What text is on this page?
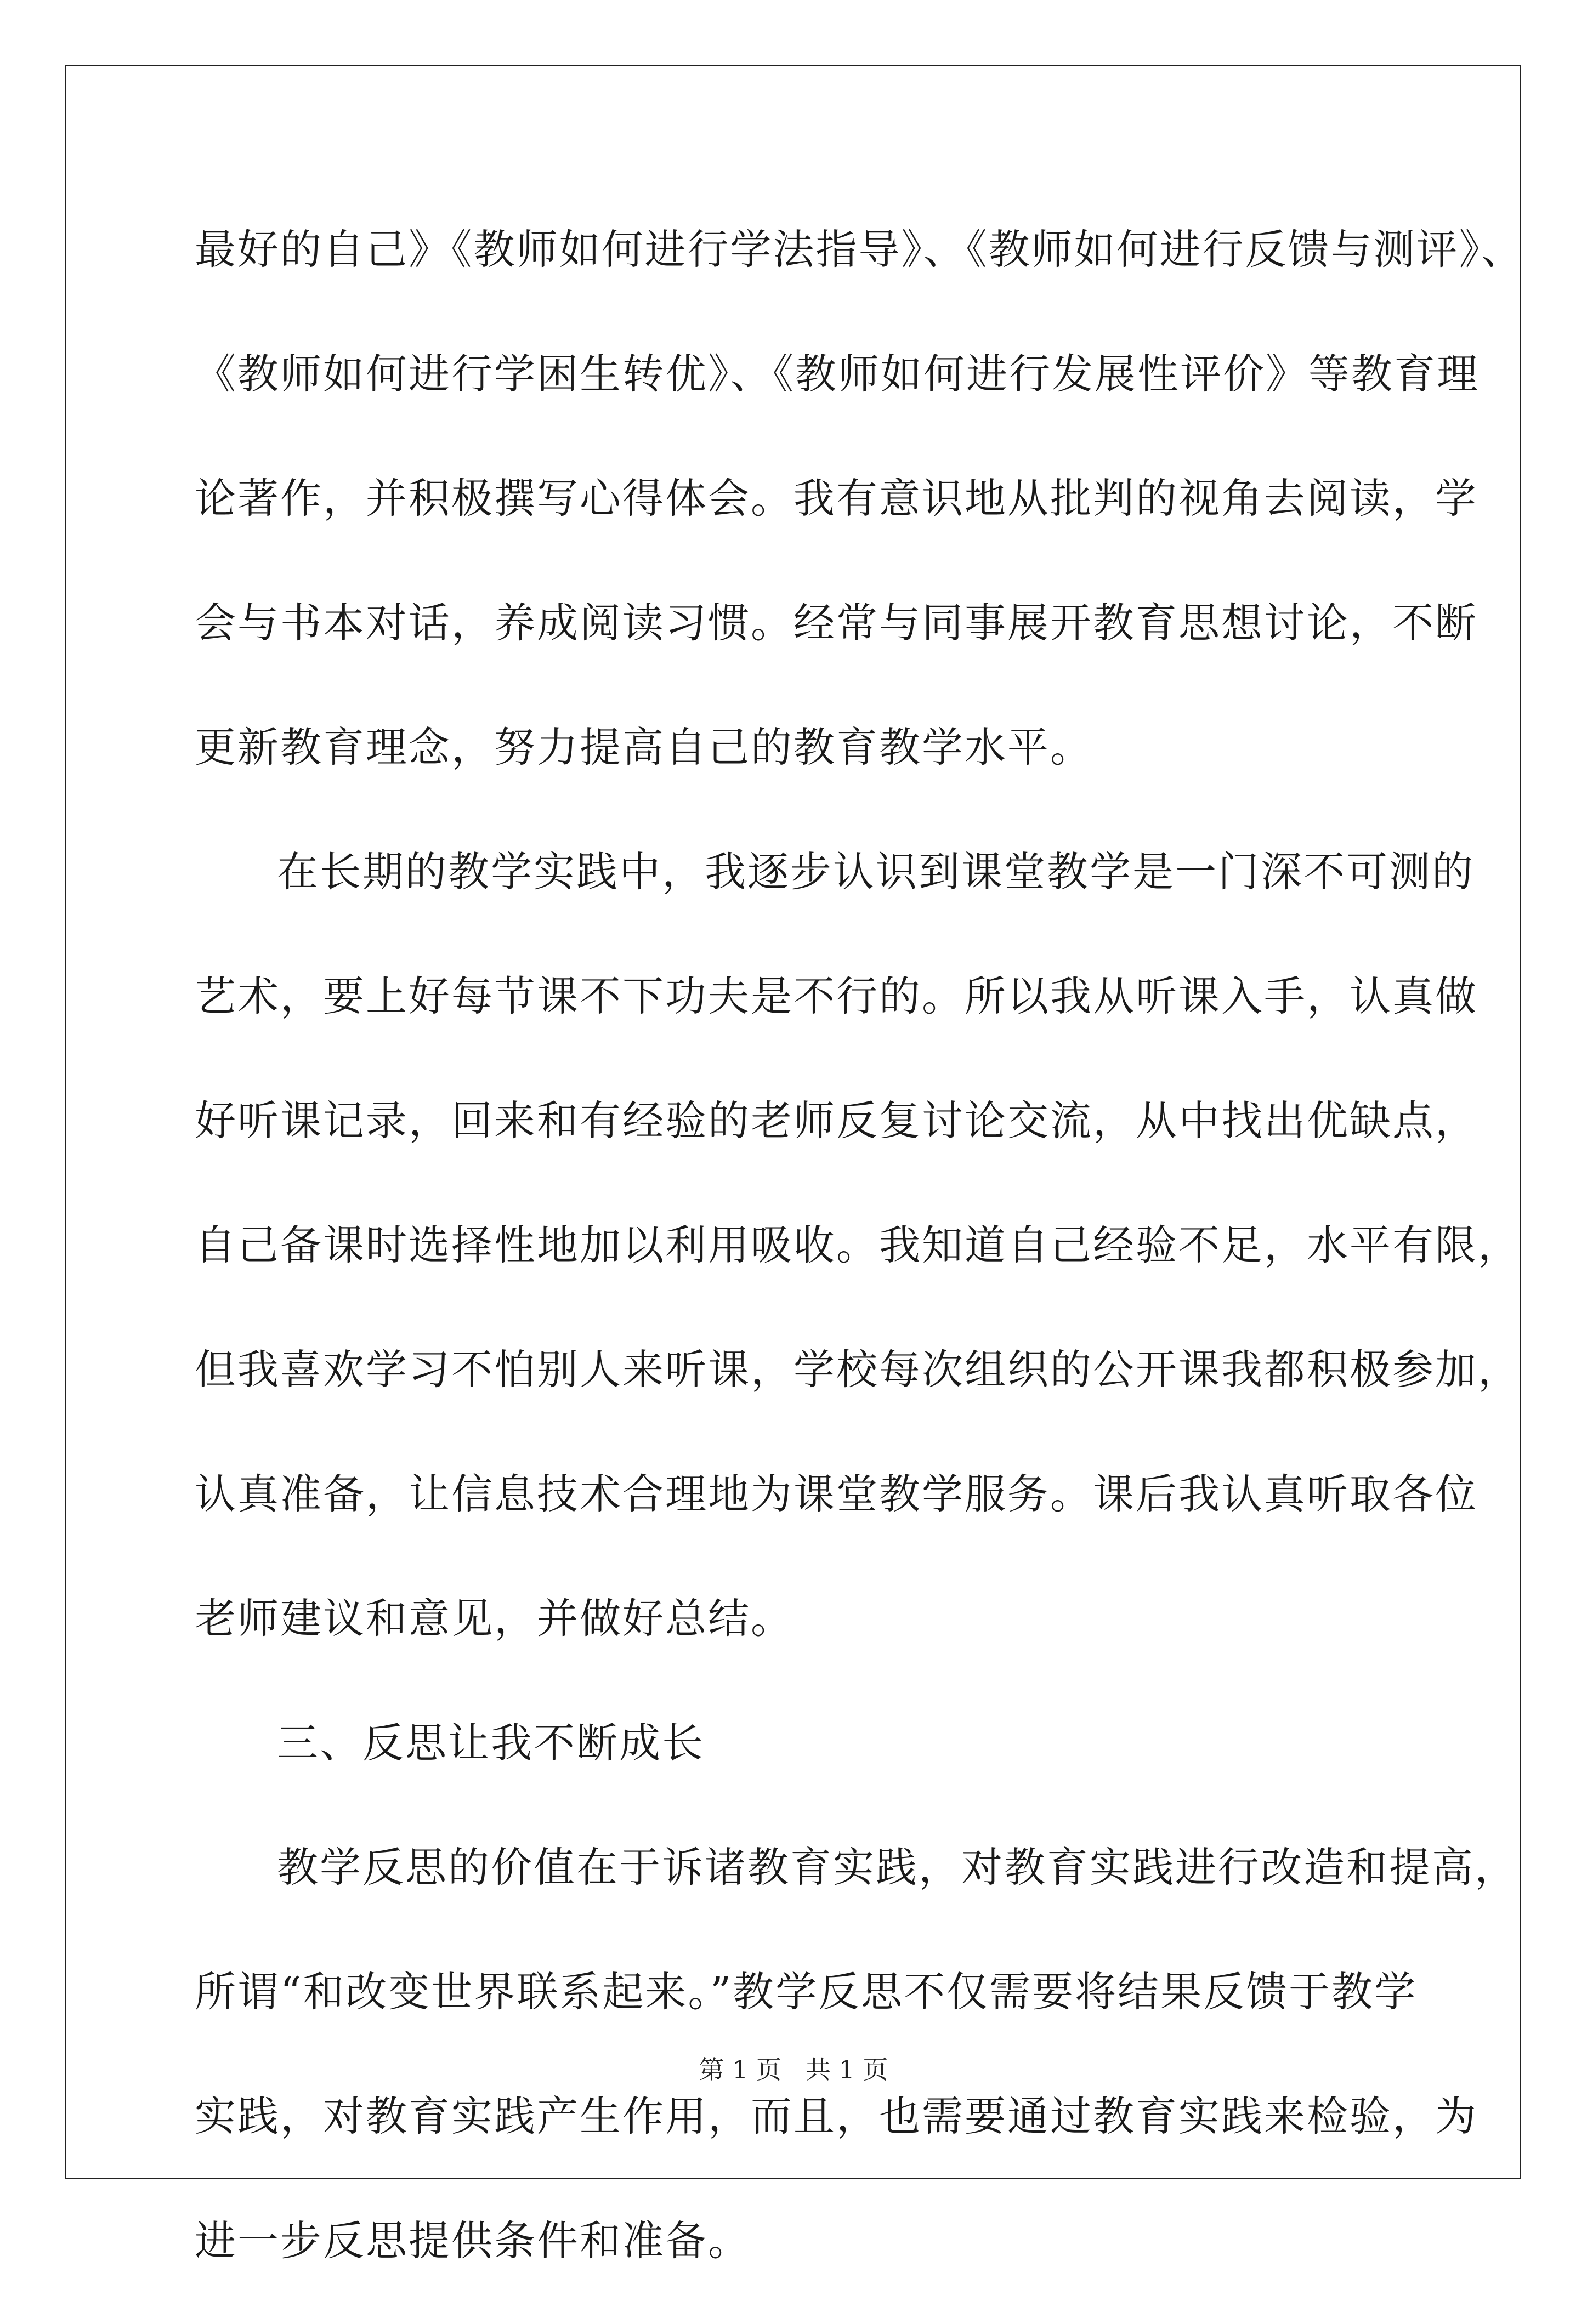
最好的自己》《教师如何进行学法指导》、《教师如何进行反馈与测评》、
《教师如何进行学困生转优》、《教师如何进行发展性评价》等教育理
论著作，并积极撰写心得体会。我有意识地从批判的视角去阅读，学
会与书本对话，养成阅读习惯。经常与同事展开教育思想讨论，不断
更新教育理念，努力提高自己的教育教学水平。
在长期的教学实践中，我逐步认识到课堂教学是一门深不可测的
艺术，要上好每节课不下功夫是不行的。所以我从听课入手，认真做
好听课记录，回来和有经验的老师反复讨论交流，从中找出优缺点，
自己备课时选择性地加以利用吸收。我知道自己经验不足，水平有限，
但我喜欢学习不怕别人来听课，学校每次组织的公开课我都积极参加，
认真准备，让信息技术合理地为课堂教学服务。课后我认真听取各位
老师建议和意见，并做好总结。
三、反思让我不断成长
教学反思的价值在于诉诸教育实践，对教育实践进行改造和提高，
所谓“和改变世界联系起来。”教学反思不仅需要将结果反馈于教学
实践，对教育实践产生作用，而且，也需要通过教育实践来检验，为
进一步反思提供条件和准备。
第 1 页   共 1 页
